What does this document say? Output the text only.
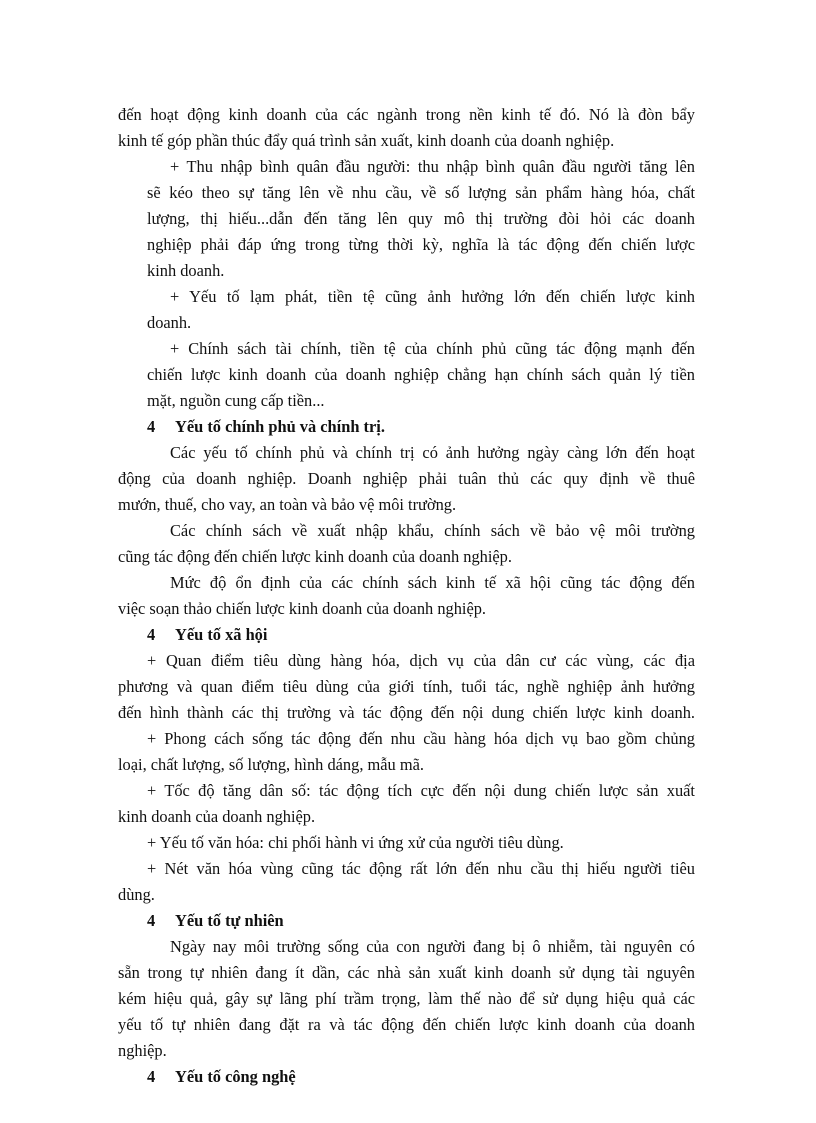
đến hoạt động kinh doanh của các ngành trong nền kinh tế đó. Nó là đòn bẩy
kinh tế góp phần thúc đẩy quá trình sản xuất, kinh doanh của doanh nghiệp.
+ Thu nhập bình quân đầu người: thu nhập bình quân đầu người tăng lên
sẽ kéo theo sự tăng lên về nhu cầu, về số lượng sản phẩm hàng hóa, chất
lượng, thị hiếu...dẫn đến tăng lên quy mô thị trường đòi hỏi các doanh
nghiệp phải đáp ứng trong từng thời kỳ, nghĩa là tác động đến chiến lược
kinh doanh.
+ Yếu tố lạm phát, tiền tệ cũng ảnh hưởng lớn đến chiến lược kinh
doanh.
+ Chính sách tài chính, tiền tệ của chính phủ cũng tác động mạnh đến
chiến lược kinh doanh của doanh nghiệp chẳng hạn chính sách quản lý tiền
mặt, nguồn cung cấp tiền...
4 Yếu tố chính phủ và chính trị.
Các yếu tố chính phủ và chính trị có ảnh hưởng ngày càng lớn đến hoạt
động của doanh nghiệp. Doanh nghiệp phải tuân thủ các quy định về thuê
mướn, thuế, cho vay, an toàn và bảo vệ môi trường.
Các chính sách về xuất nhập khẩu, chính sách về bảo vệ môi trường
cũng tác động đến chiến lược kinh doanh của doanh nghiệp.
Mức độ ổn định của các chính sách kinh tế xã hội cũng tác động đến
việc soạn thảo chiến lược kinh doanh của doanh nghiệp.
4 Yếu tố xã hội
+ Quan điểm tiêu dùng hàng hóa, dịch vụ của dân cư các vùng, các địa
phương và quan điểm tiêu dùng của giới tính, tuổi tác, nghề nghiệp ảnh hưởng
đến hình thành các thị trường và tác động đến nội dung chiến lược kinh doanh.
+ Phong cách sống tác động đến nhu cầu hàng hóa dịch vụ bao gồm chủng
loại, chất lượng, số lượng, hình dáng, mẫu mã.
+ Tốc độ tăng dân số: tác động tích cực đến nội dung chiến lược sản xuất
kinh doanh của doanh nghiệp.
+ Yếu tố văn hóa: chi phối hành vi ứng xử của người tiêu dùng.
+ Nét văn hóa vùng cũng tác động rất lớn đến nhu cầu thị hiếu người tiêu
dùng.
4 Yếu tố tự nhiên
Ngày nay môi trường sống của con người đang bị ô nhiễm, tài nguyên có
sẵn trong tự nhiên đang ít dần, các nhà sản xuất kinh doanh sử dụng tài nguyên
kém hiệu quả, gây sự lãng phí trầm trọng, làm thế nào để sử dụng hiệu quả các
yếu tố tự nhiên đang đặt ra và tác động đến chiến lược kinh doanh của doanh
nghiệp.
4 Yếu tố công nghệ
